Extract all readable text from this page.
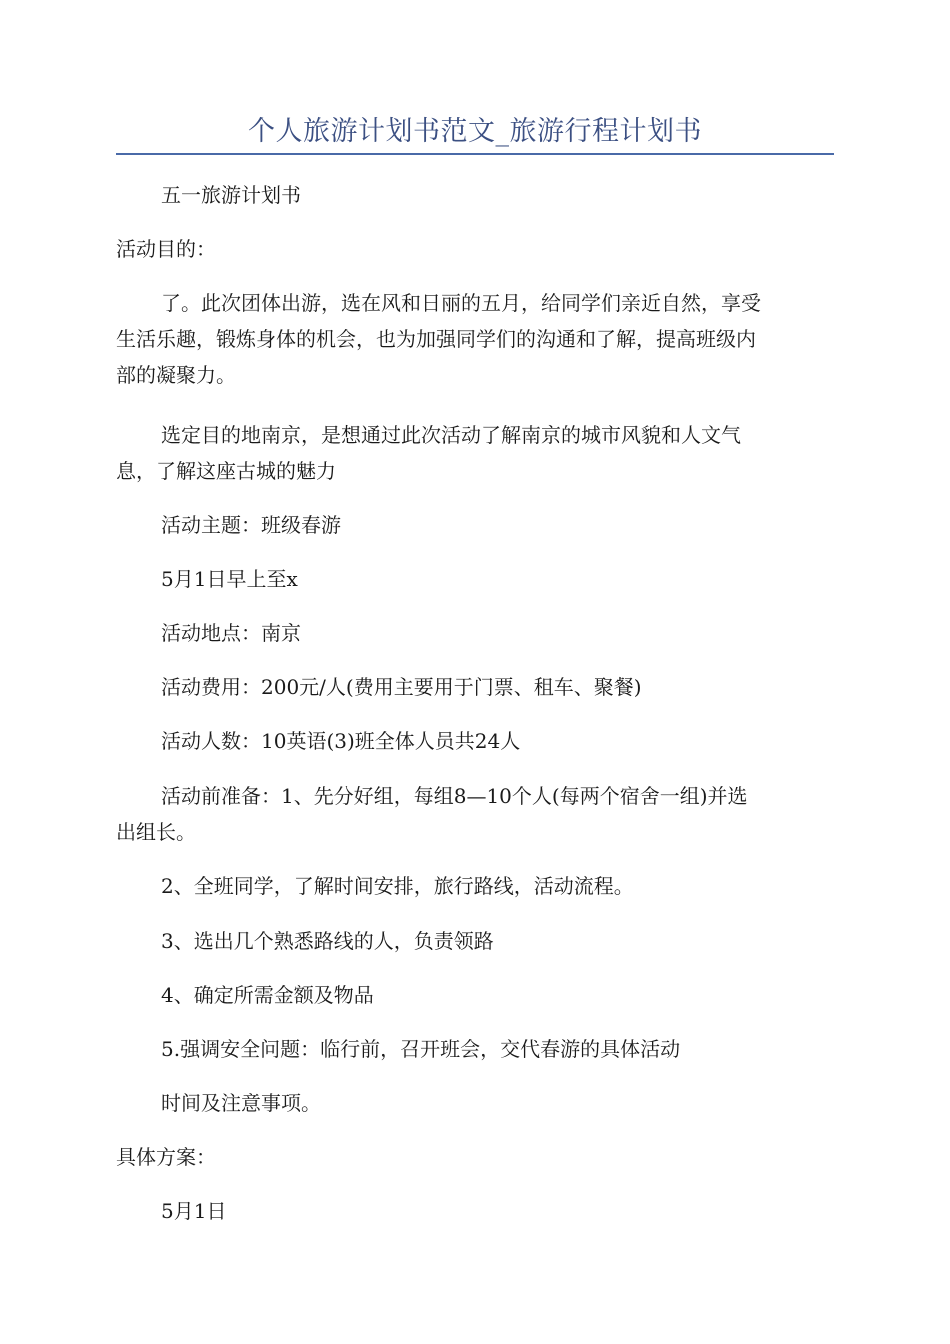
个人旅游计划书范文_旅游行程计划书
五一旅游计划书
活动目的：
了。此次团体出游，选在风和日丽的五月，给同学们亲近自然，享受
生活乐趣，锻炼身体的机会，也为加强同学们的沟通和了解，提高班级内
部的凝聚力。
选定目的地南京，是想通过此次活动了解南京的城市风貌和人文气
息，了解这座古城的魅力
活动主题：班级春游
5月1日早上至x
活动地点：南京
活动费用：200元/人(费用主要用于门票、租车、聚餐)
活动人数：10英语(3)班全体人员共24人
活动前准备：1、先分好组，每组8—10个人(每两个宿舍一组)并选
出组长。
2、全班同学，了解时间安排，旅行路线，活动流程。
3、选出几个熟悉路线的人，负责领路
4、确定所需金额及物品
5.强调安全问题：临行前，召开班会，交代春游的具体活动
时间及注意事项。
具体方案：
5月1日
